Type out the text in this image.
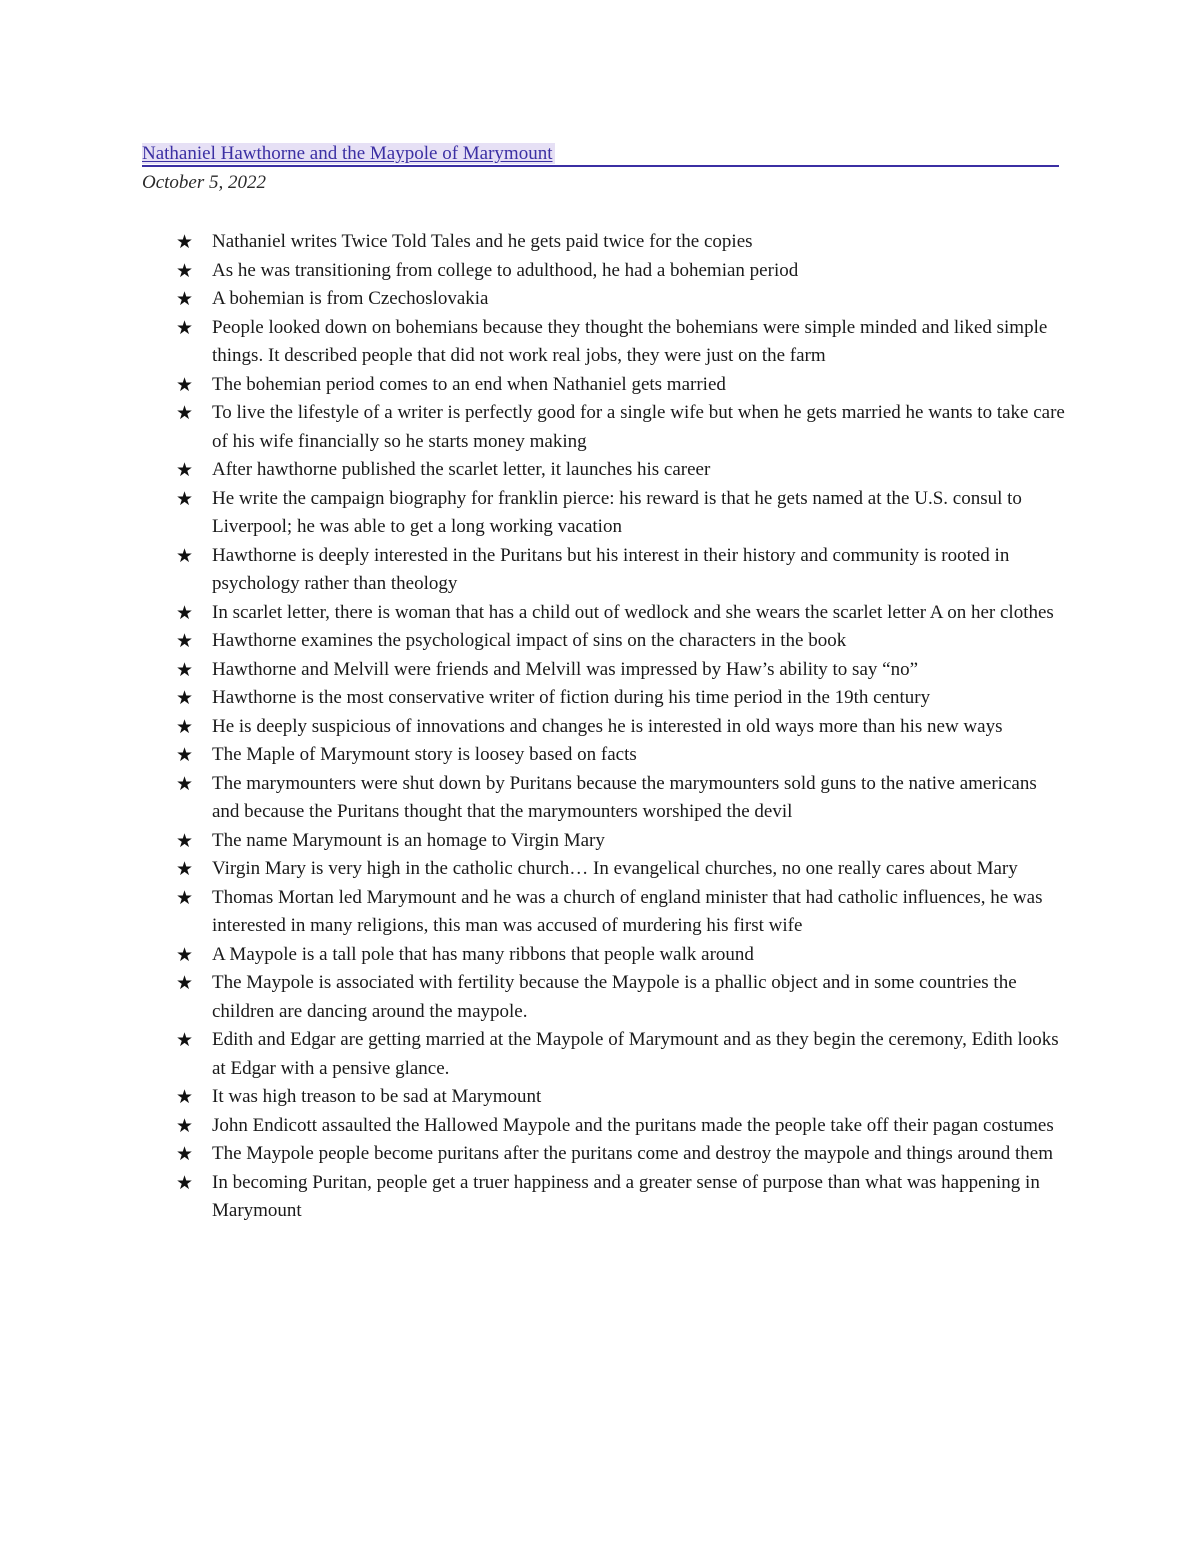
Nathaniel Hawthorne and the Maypole of Marymount
October 5, 2022
★ Nathaniel writes Twice Told Tales and he gets paid twice for the copies
★ As he was transitioning from college to adulthood, he had a bohemian period
★ A bohemian is from Czechoslovakia
★ People looked down on bohemians because they thought the bohemians were simple minded and liked simple things. It described people that did not work real jobs, they were just on the farm
★ The bohemian period comes to an end when Nathaniel gets married
★ To live the lifestyle of a writer is perfectly good for a single wife but when he gets married he wants to take care of his wife financially so he starts money making
★ After hawthorne published the scarlet letter, it launches his career
★ He write the campaign biography for franklin pierce: his reward is that he gets named at the U.S. consul to Liverpool; he was able to get a long working vacation
★ Hawthorne is deeply interested in the Puritans but his interest in their history and community is rooted in psychology rather than theology
★ In scarlet letter, there is woman that has a child out of wedlock and she wears the scarlet letter A on her clothes
★ Hawthorne examines the psychological impact of sins on the characters in the book
★ Hawthorne and Melvill were friends and Melvill was impressed by Haw’s ability to say “no”
★ Hawthorne is the most conservative writer of fiction during his time period in the 19th century
★ He is deeply suspicious of innovations and changes he is interested in old ways more than his new ways
★ The Maple of Marymount story is loosey based on facts
★ The marymounters were shut down by Puritans because the marymounters sold guns to the native americans and because the Puritans thought that the marymounters worshiped the devil
★ The name Marymount is an homage to Virgin Mary
★ Virgin Mary is very high in the catholic church… In evangelical churches, no one really cares about Mary
★ Thomas Mortan led Marymount and he was a church of england minister that had catholic influences, he was interested in many religions, this man was accused of murdering his first wife
★ A Maypole is a tall pole that has many ribbons that people walk around
★ The Maypole is associated with fertility because the Maypole is a phallic object and in some countries the children are dancing around the maypole.
★ Edith and Edgar are getting married at the Maypole of Marymount and as they begin the ceremony, Edith looks at Edgar with a pensive glance.
★ It was high treason to be sad at Marymount
★ John Endicott assaulted the Hallowed Maypole and the puritans made the people take off their pagan costumes
★ The Maypole people become puritans after the puritans come and destroy the maypole and things around them
★ In becoming Puritan, people get a truer happiness and a greater sense of purpose than what was happening in Marymount
